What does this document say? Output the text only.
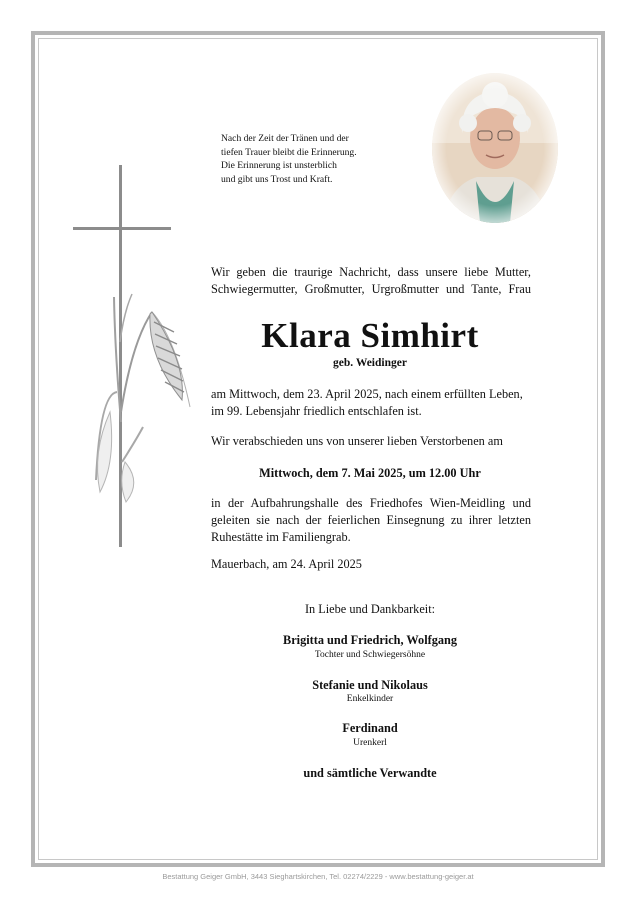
Nach der Zeit der Tränen und der
tiefen Trauer bleibt die Erinnerung.
Die Erinnerung ist unsterblich
und gibt uns Trost und Kraft.
Wir geben die traurige Nachricht, dass unsere liebe Mutter,
Schwiegermutter, Großmutter, Urgroßmutter und Tante, Frau
Klara Simhirt
geb. Weidinger
am Mittwoch, dem 23. April 2025, nach einem erfüllten Leben,
im 99. Lebensjahr friedlich entschlafen ist.
Wir verabschieden uns von unserer lieben Verstorbenen am
Mittwoch, dem 7. Mai 2025, um 12.00 Uhr
in der Aufbahrungshalle des Friedhofes Wien-Meidling und
geleiten sie nach der feierlichen Einsegnung zu ihrer letzten
Ruhestätte im Familiengrab.
Mauerbach, am 24. April 2025
In Liebe und Dankbarkeit:
Brigitta und Friedrich, Wolfgang
Tochter und Schwiegersöhne
Stefanie und Nikolaus
Enkelkinder
Ferdinand
Urenkerl
und sämtliche Verwandte
Bestattung Geiger GmbH, 3443 Sieghartskirchen, Tel. 02274/2229 - www.bestattung-geiger.at
